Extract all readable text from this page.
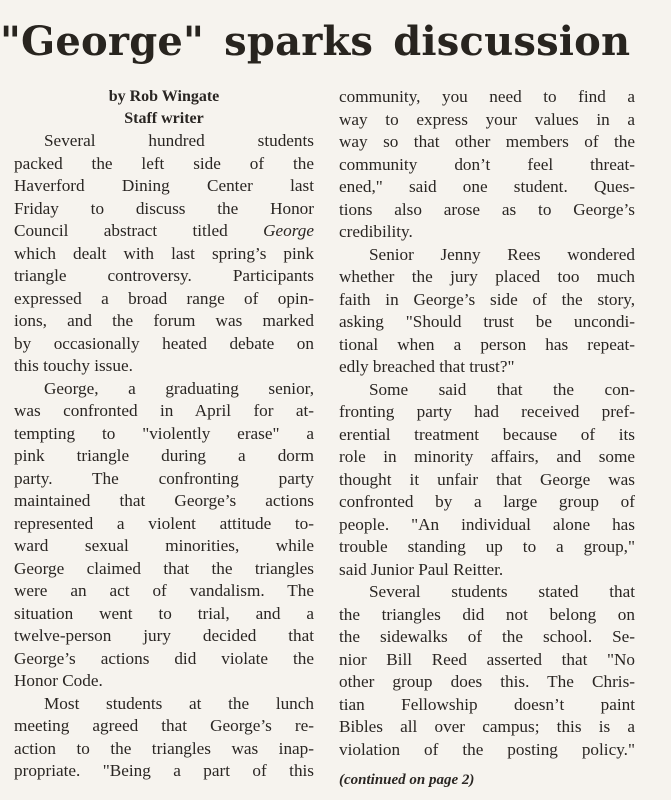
"George" sparks discussion

by Rob Wingate

Staff writer

Several hundred students
packed the left side of the
Haverford Dining Center last
Friday to discuss the Honor
Council abstract titled George
which dealt with last spring’s pink
triangle controversy. Participants
expressed a broad range of opin-
ions, and the forum was marked
by occasionally heated debate on
this touchy issue.
George, a graduating senior,
was confronted in April for at-
tempting to "violently erase" a
pink triangle during a dorm
party. The confronting party
maintained that George’s actions
represented a violent attitude to-
ward sexual minorities, while
George claimed that the triangles
were an act of vandalism. The
situation went to trial, and a
twelve-person jury decided that
George’s actions did violate the
Honor Code.
Most students at the lunch
meeting agreed that George’s re-
action to the triangles was inap-
propriate. "Being a part of this
community, you need to find a
way to express your values in a
way so that other members of the
community don’t feel threat-
ened," said one student. Ques-
tions also arose as to George’s
credibility.
Senior Jenny Rees wondered
whether the jury placed too much
faith in George’s side of the story,
asking "Should trust be uncondi-
tional when a person has repeat-
edly breached that trust?"
Some said that the con-
fronting party had received pref-
erential treatment because of its
role in minority affairs, and some
thought it unfair that George was
confronted by a large group of
people. "An individual alone has
trouble standing up to a group,"
said Junior Paul Reitter.
Several students stated that
the triangles did not belong on
the sidewalks of the school. Se-
nior Bill Reed asserted that "No
other group does this. The Chris-
tian Fellowship doesn’t paint
Bibles all over campus; this is a
violation of the posting policy."
(continued on page 2)
